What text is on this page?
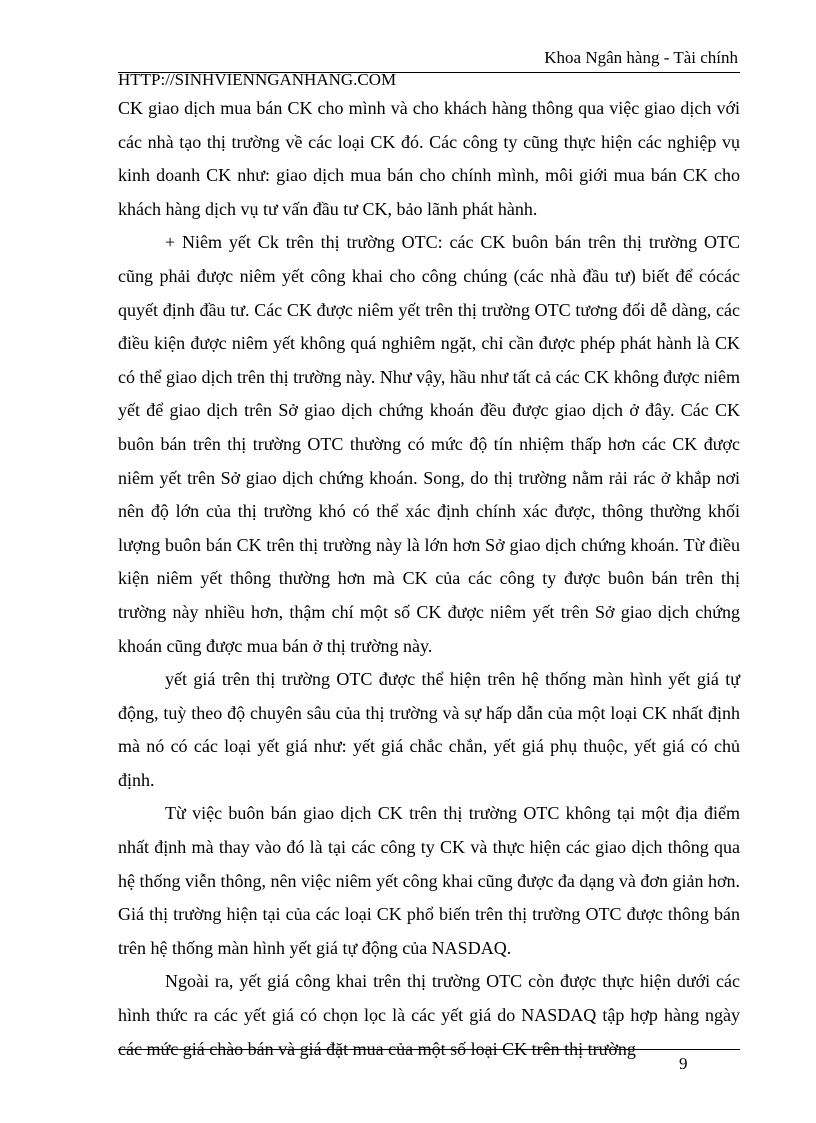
Khoa Ngân hàng - Tài chính
HTTP://SINHVIENNGANHANG.COM

CK giao dịch mua bán CK cho mình và cho khách hàng thông qua việc giao dịch với các nhà tạo thị trường về các loại CK đó. Các công ty cũng thực hiện các nghiệp vụ kinh doanh CK như: giao dịch mua bán cho chính mình, môi giới mua bán CK cho khách hàng dịch vụ tư vấn đầu tư CK, bảo lãnh phát hành.

+ Niêm yết Ck trên thị trường OTC: các CK buôn bán trên thị trường OTC cũng phải được niêm yết công khai cho công chúng (các nhà đầu tư) biết để cócác quyết định đầu tư. Các CK được niêm yết trên thị trường OTC tương đối dễ dàng, các điều kiện được niêm yết không quá nghiêm ngặt, chỉ cần được phép phát hành là CK có thể giao dịch trên thị trường này. Như vậy, hầu như tất cả các CK không được niêm yết để giao dịch trên Sở giao dịch chứng khoán đều được giao dịch ở đây. Các CK buôn bán trên thị trường OTC thường có mức độ tín nhiệm thấp hơn các CK được niêm yết trên Sở giao dịch chứng khoán. Song, do thị trường nằm rải rác ở khắp nơi nên độ lớn của thị trường khó có thể xác định chính xác được, thông thường khối lượng buôn bán CK trên thị trường này là lớn hơn Sở giao dịch chứng khoán. Từ điều kiện niêm yết thông thường hơn mà CK của các công ty được buôn bán trên thị trường này nhiều hơn, thậm chí một số CK được niêm yết trên Sở giao dịch chứng khoán cũng được mua bán ở thị trường này.

yết giá trên thị trường OTC được thể hiện trên hệ thống màn hình yết giá tự động, tuỳ theo độ chuyên sâu của thị trường và sự hấp dẫn của một loại CK nhất định mà nó có các loại yết giá như: yết giá chắc chắn, yết giá phụ thuộc, yết giá có chủ định.

Từ việc buôn bán giao dịch CK trên thị trường OTC không tại một địa điểm nhất định mà thay vào đó là tại các công ty CK và thực hiện các giao dịch thông qua hệ thống viễn thông, nên việc niêm yết công khai cũng được đa dạng và đơn giản hơn. Giá thị trường hiện tại của các loại CK phổ biến trên thị trường OTC được thông bán trên hệ thống màn hình yết giá tự động của NASDAQ.

Ngoài ra, yết giá công khai trên thị trường OTC còn được thực hiện dưới các hình thức ra các yết giá có chọn lọc là các yết giá do NASDAQ tập hợp hàng ngày các mức giá chào bán và giá đặt mua của một số loại CK trên thị trường

9
